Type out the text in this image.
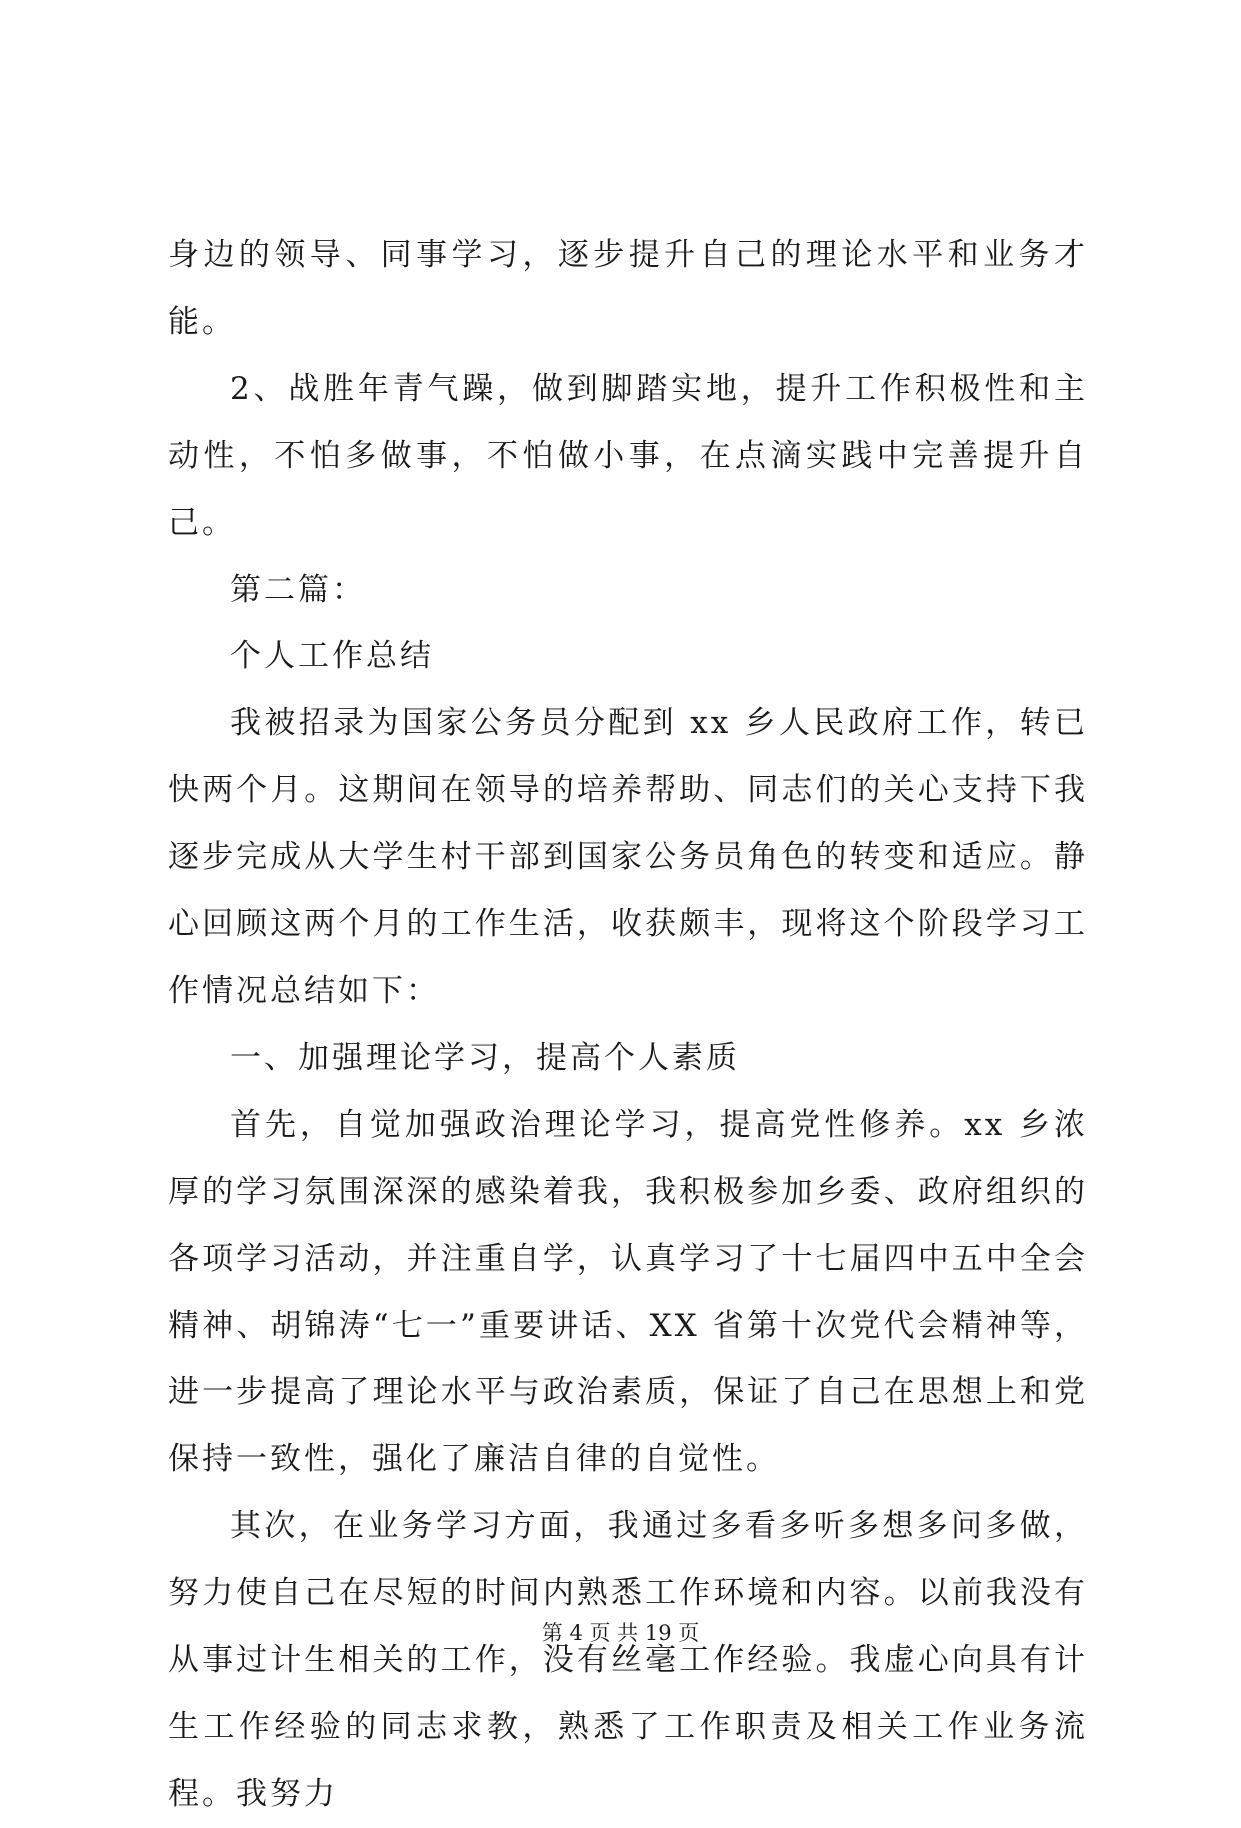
身边的领导、同事学习，逐步提升自己的理论水平和业务才能。

2、战胜年青气躁，做到脚踏实地，提升工作积极性和主动性，不怕多做事，不怕做小事，在点滴实践中完善提升自己。

第二篇：

个人工作总结

我被招录为国家公务员分配到 xx 乡人民政府工作，转已快两个月。这期间在领导的培养帮助、同志们的关心支持下我逐步完成从大学生村干部到国家公务员角色的转变和适应。静心回顾这两个月的工作生活，收获颇丰，现将这个阶段学习工作情况总结如下：

一、加强理论学习，提高个人素质

首先，自觉加强政治理论学习，提高党性修养。xx 乡浓厚的学习氛围深深的感染着我，我积极参加乡委、政府组织的各项学习活动，并注重自学，认真学习了十七届四中五中全会精神、胡锦涛“七一”重要讲话、XX 省第十次党代会精神等，进一步提高了理论水平与政治素质，保证了自己在思想上和党保持一致性，强化了廉洁自律的自觉性。

其次，在业务学习方面，我通过多看多听多想多问多做，努力使自己在尽短的时间内熟悉工作环境和内容。以前我没有从事过计生相关的工作，没有丝毫工作经验。我虚心向具有计生工作经验的同志求教，熟悉了工作职责及相关工作业务流程。我努力

第 4 页 共 19 页
